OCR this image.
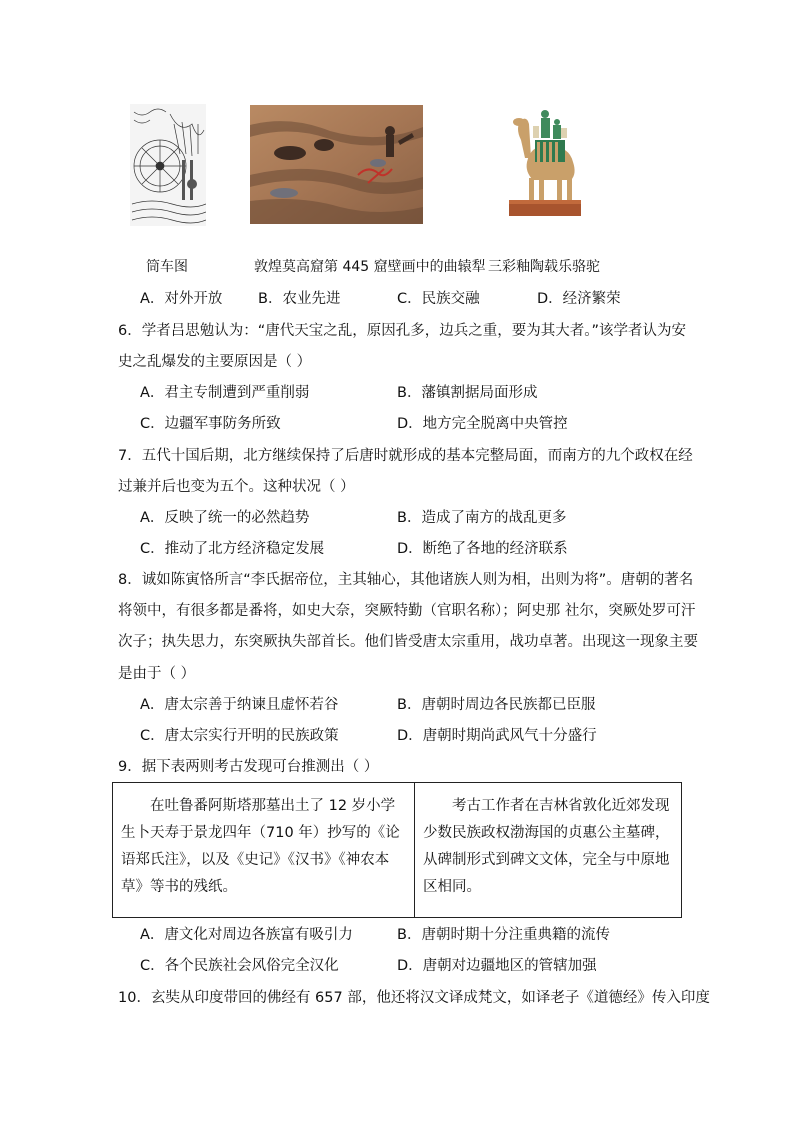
筒车图	敦煌莫高窟第 445 窟壁画中的曲辕犁 三彩釉陶载乐骆驼
A．对外开放 B．农业先进	C．民族交融	D．经济繁荣
6．学者吕思勉认为：“唐代天宝之乱，原因孔多，边兵之重，要为其大者。”该学者认为安
史之乱爆发的主要原因是（ ）
A．君主专制遭到严重削弱	B．藩镇割据局面形成
C．边疆军事防务所致	D．地方完全脱离中央管控
7．五代十国后期，北方继续保持了后唐时就形成的基本完整局面，而南方的九个政权在经
过兼并后也变为五个。这种状况（ ）
A．反映了统一的必然趋势	B．造成了南方的战乱更多
C．推动了北方经济稳定发展	D．断绝了各地的经济联系
8．诚如陈寅恪所言“李氏据帝位，主其轴心，其他诸族人则为相，出则为将”。唐朝的著名
将领中，有很多都是番将，如史大奈，突厥特勤（官职名称）；阿史那 社尔，突厥处罗可汗
次子；执失思力，东突厥执失部首长。他们皆受唐太宗重用，战功卓著。出现这一现象主要
是由于（ ）
A．唐太宗善于纳谏且虚怀若谷	B．唐朝时周边各民族都已臣服
C．唐太宗实行开明的民族政策	D．唐朝时期尚武风气十分盛行
9．据下表两则考古发现可台推测出（ ）
在吐鲁番阿斯塔那墓出土了 12 岁小学生卜天寿于景龙四年（710 年）抄写的《论语郑氏注》，以及《史记》《汉书》《神农本草》等书的残纸。

考古工作者在吉林省敦化近郊发现少数民族政权渤海国的贞惠公主墓碑，从碑制形式到碑文文体，完全与中原地区相同。
A．唐文化对周边各族富有吸引力	B．唐朝时期十分注重典籍的流传
C．各个民族社会风俗完全汉化	D．唐朝对边疆地区的管辖加强
10．玄奘从印度带回的佛经有 657 部，他还将汉文译成梵文，如译老子《道德经》传入印度
